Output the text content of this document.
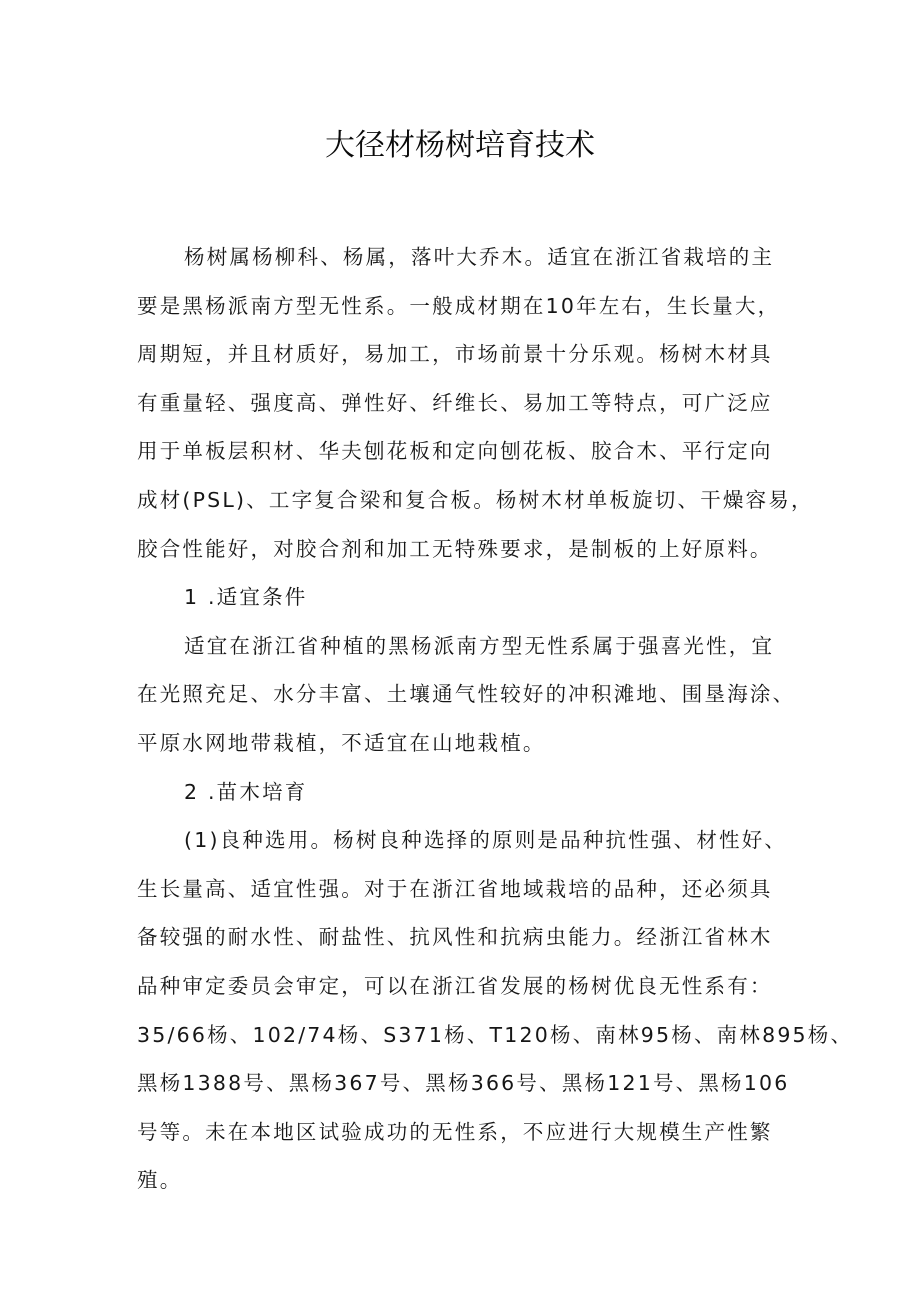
大径材杨树培育技术
杨树属杨柳科、杨属，落叶大乔木。适宜在浙江省栽培的主
要是黑杨派南方型无性系。一般成材期在10年左右，生长量大，
周期短，并且材质好，易加工，市场前景十分乐观。杨树木材具
有重量轻、强度高、弹性好、纤维长、易加工等特点，可广泛应
用于单板层积材、华夫刨花板和定向刨花板、胶合木、平行定向
成材(PSL)、工字复合梁和复合板。杨树木材单板旋切、干燥容易，
胶合性能好，对胶合剂和加工无特殊要求，是制板的上好原料。
1 .适宜条件
适宜在浙江省种植的黑杨派南方型无性系属于强喜光性，宜
在光照充足、水分丰富、土壤通气性较好的冲积滩地、围垦海涂、
平原水网地带栽植，不适宜在山地栽植。
2 .苗木培育
(1)良种选用。杨树良种选择的原则是品种抗性强、材性好、
生长量高、适宜性强。对于在浙江省地域栽培的品种，还必须具
备较强的耐水性、耐盐性、抗风性和抗病虫能力。经浙江省林木
品种审定委员会审定，可以在浙江省发展的杨树优良无性系有：
35/66杨、102/74杨、S371杨、T120杨、南林95杨、南林895杨、
黑杨1388号、黑杨367号、黑杨366号、黑杨121号、黑杨106
号等。未在本地区试验成功的无性系，不应进行大规模生产性繁
殖。
